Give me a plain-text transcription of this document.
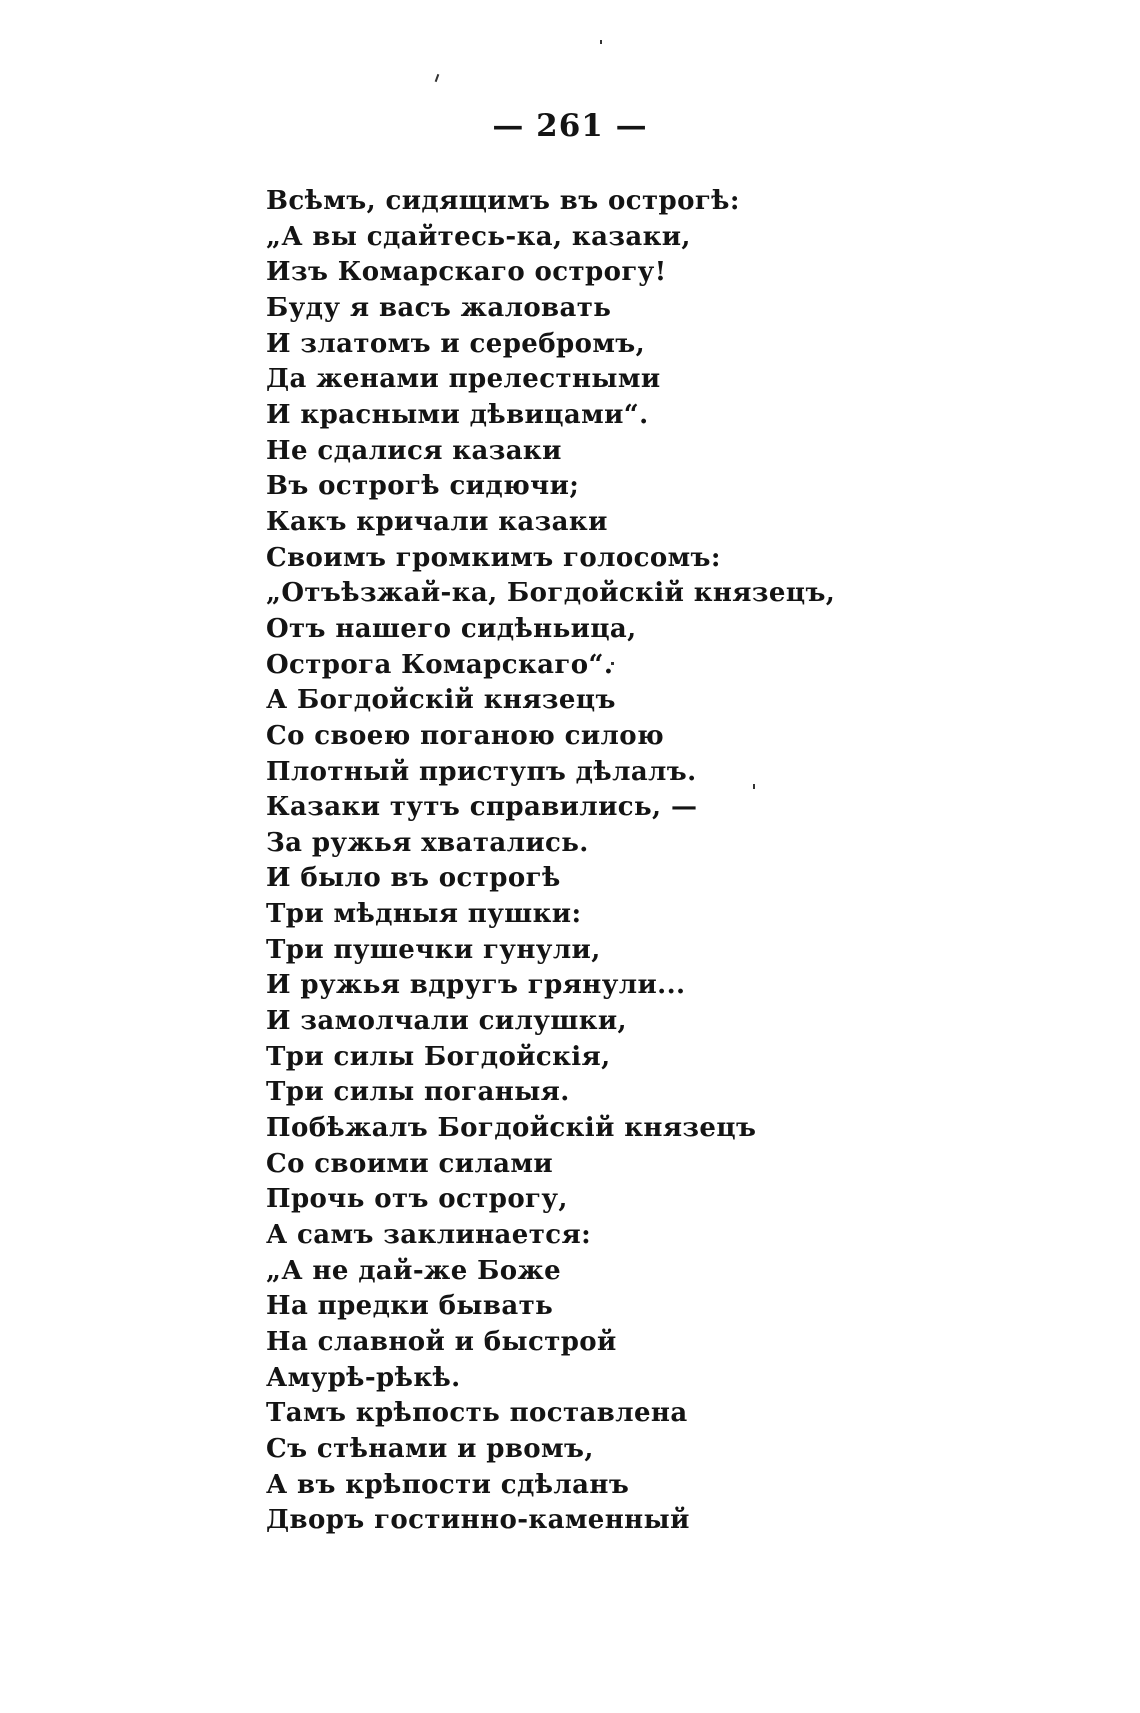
— 261 —
Всѣмъ, сидящимъ въ острогѣ:
„А вы сдайтесь-ка, казаки,
Изъ Комарскаго острогу!
Буду я васъ жаловать
И златомъ и серебромъ,
Да женами прелестными
И красными дѣвицами“.
Не сдалися казаки
Въ острогѣ сидючи;
Какъ кричали казаки
Своимъ громкимъ голосомъ:
„Отъѣзжай-ка, Богдойскій князецъ,
Отъ нашего сидѣньица,
Острога Комарскаго“.
А Богдойскій князецъ
Со своею поганою силою
Плотный приступъ дѣлалъ.
Казаки тутъ справились, —
За ружья хватались.
И было въ острогѣ
Три мѣдныя пушки:
Три пушечки гунули,
И ружья вдругъ грянули...
И замолчали силушки,
Три силы Богдойскія,
Три силы поганыя.
Побѣжалъ Богдойскій князецъ
Со своими силами
Прочь отъ острогу,
А самъ заклинается:
„А не дай-же Боже
На предки бывать
На славной и быстрой
Амурѣ-рѣкѣ.
Тамъ крѣпость поставлена
Съ стѣнами и рвомъ,
А въ крѣпости сдѣланъ
Дворъ гостинно-каменный
